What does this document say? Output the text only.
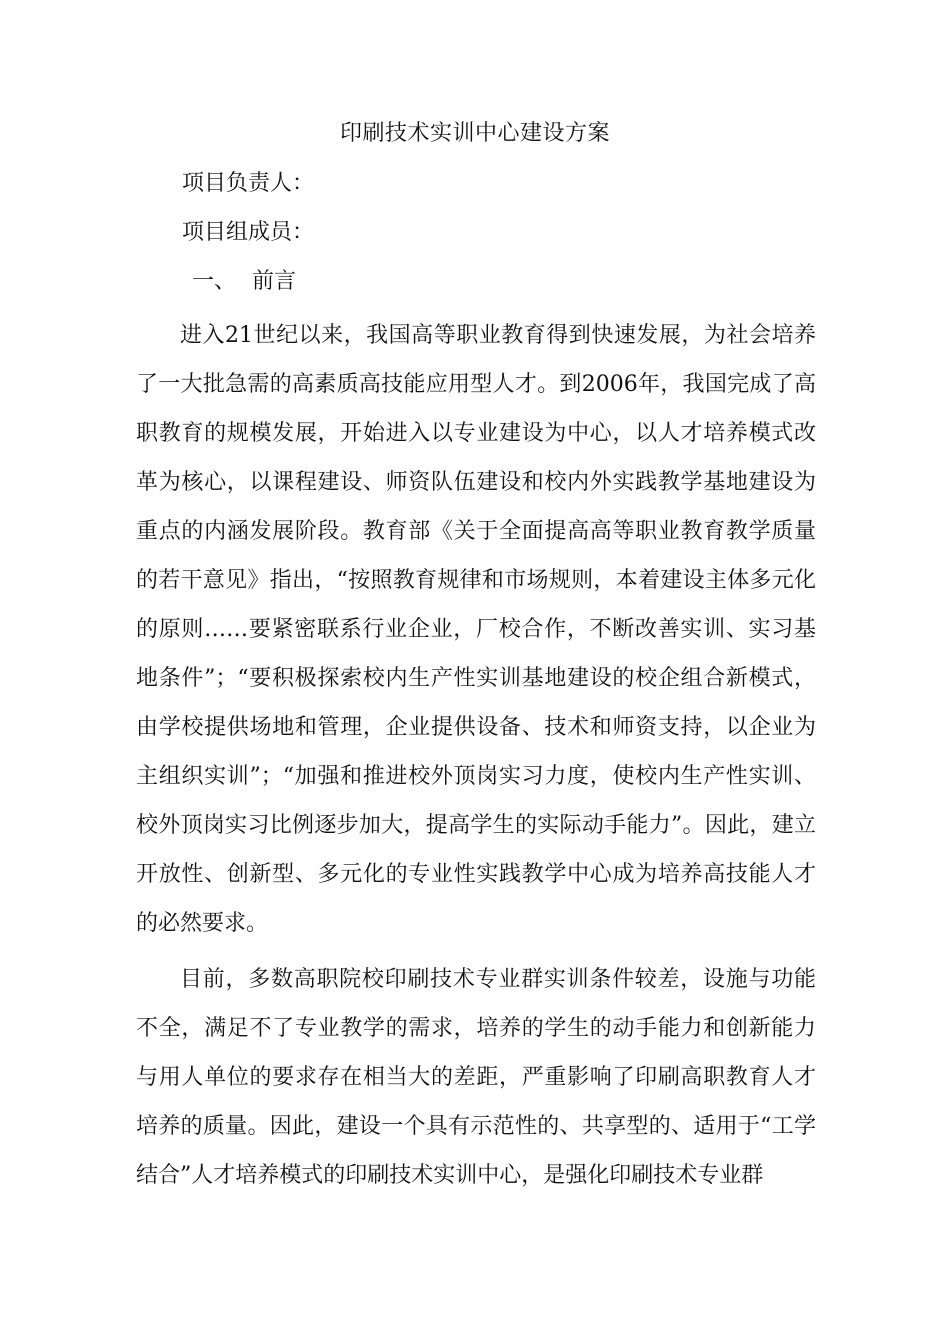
印刷技术实训中心建设方案
项目负责人：
项目组成员：
一、 前言

进入21世纪以来，我国高等职业教育得到快速发展，为社会培养了一大批急需的高素质高技能应用型人才。到2006年，我国完成了高职教育的规模发展，开始进入以专业建设为中心，以人才培养模式改革为核心，以课程建设、师资队伍建设和校内外实践教学基地建设为重点的内涵发展阶段。教育部《关于全面提高高等职业教育教学质量的若干意见》指出，“按照教育规律和市场规则，本着建设主体多元化的原则……要紧密联系行业企业，厂校合作，不断改善实训、实习基地条件”；“要积极探索校内生产性实训基地建设的校企组合新模式，由学校提供场地和管理，企业提供设备、技术和师资支持，以企业为主组织实训”；“加强和推进校外顶岗实习力度，使校内生产性实训、校外顶岗实习比例逐步加大，提高学生的实际动手能力”。因此，建立开放性、创新型、多元化的专业性实践教学中心成为培养高技能人才的必然要求。

目前，多数高职院校印刷技术专业群实训条件较差，设施与功能不全，满足不了专业教学的需求，培养的学生的动手能力和创新能力与用人单位的要求存在相当大的差距，严重影响了印刷高职教育人才培养的质量。因此，建设一个具有示范性的、共享型的、适用于“工学结合”人才培养模式的印刷技术实训中心，是强化印刷技术专业群
